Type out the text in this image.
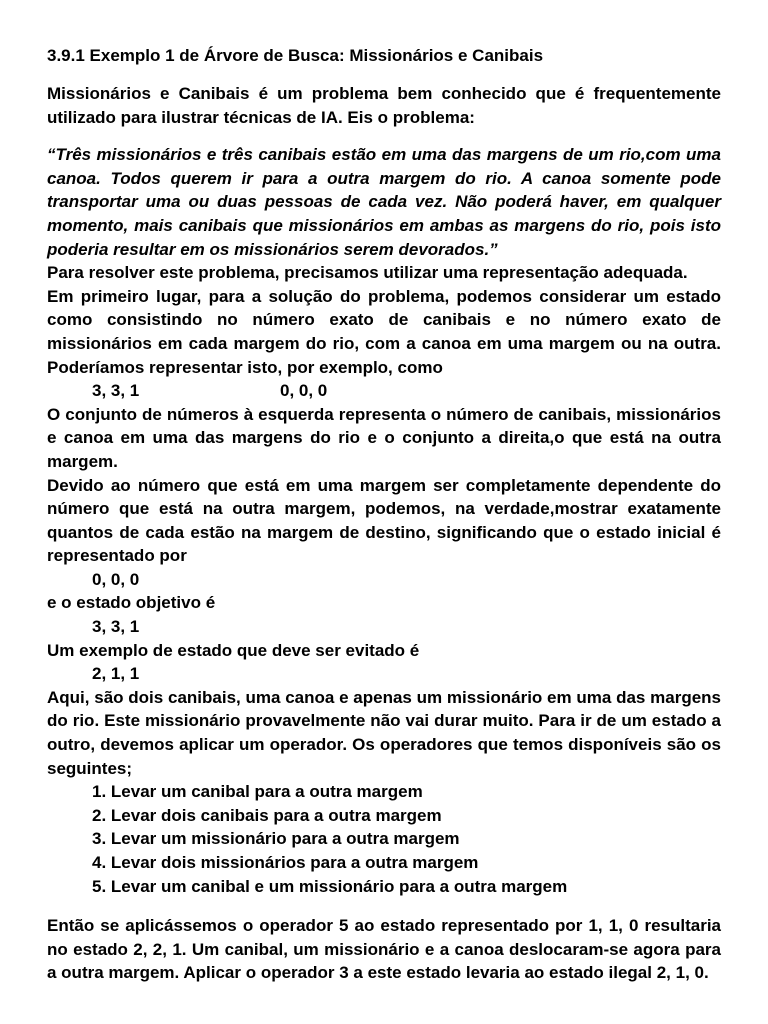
3.9.1 Exemplo 1 de Árvore de Busca: Missionários e Canibais

Missionários e Canibais é um problema bem conhecido que é frequentemente utilizado para ilustrar técnicas de IA. Eis o problema:

“Três missionários e três canibais estão em uma das margens de um rio,com uma canoa. Todos querem ir para a outra margem do rio. A canoa somente pode transportar uma ou duas pessoas de cada vez. Não poderá haver, em qualquer momento, mais canibais que missionários em ambas as margens do rio, pois isto poderia resultar em os missionários serem devorados.”

Para resolver este problema, precisamos utilizar uma representação adequada.

Em primeiro lugar, para a solução do problema, podemos considerar um estado como consistindo no número exato de canibais e no número exato de missionários em cada margem do rio, com a canoa em uma margem ou na outra. Poderíamos representar isto, por exemplo, como

3, 3, 1	0, 0, 0

O conjunto de números à esquerda representa o número de canibais, missionários e canoa em uma das margens do rio e o conjunto a direita,o que está na outra margem.

Devido ao número que está em uma margem ser completamente dependente do número que está na outra margem, podemos, na verdade,mostrar exatamente quantos de cada estão na margem de destino, significando que o estado inicial é representado por

0, 0, 0

e o estado objetivo é

3, 3, 1

Um exemplo de estado que deve ser evitado é

2, 1, 1

Aqui, são dois canibais, uma canoa e apenas um missionário em uma das margens do rio. Este missionário provavelmente não vai durar muito. Para ir de um estado a outro, devemos aplicar um operador. Os operadores que temos disponíveis são os seguintes;

1. Levar um canibal para a outra margem
2. Levar dois canibais para a outra margem
3. Levar um missionário para a outra margem
4. Levar dois missionários para a outra margem
5. Levar um canibal e um missionário para a outra margem

Então se aplicássemos o operador 5 ao estado representado por 1, 1, 0 resultaria no estado 2, 2, 1. Um canibal, um missionário e a canoa deslocaram-se agora para a outra margem. Aplicar o operador 3 a este estado levaria ao estado ilegal 2, 1, 0.
